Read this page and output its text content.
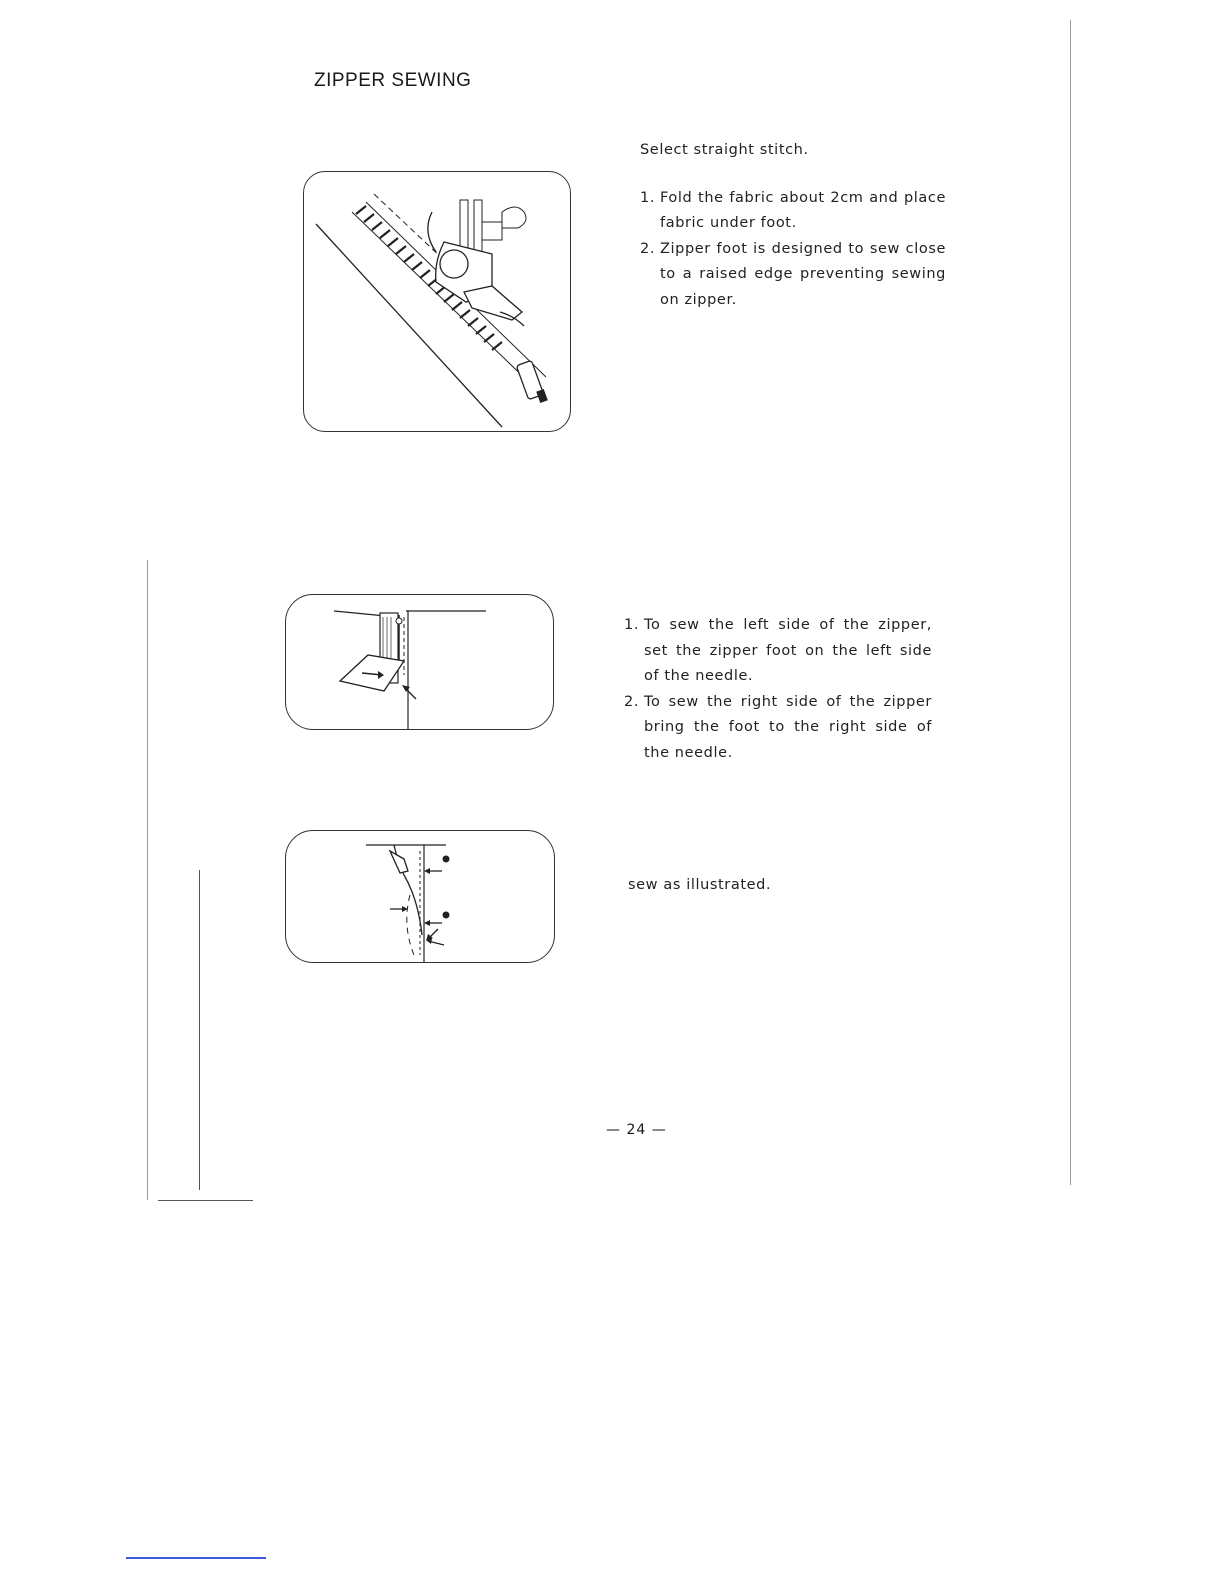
ZIPPER SEWING
Select straight stitch.
1. Fold the fabric about 2cm and place fabric under foot.
2. Zipper foot is designed to sew close to a raised edge preventing sewing on zipper.
1. To sew the left side of the zipper, set the zipper foot on the left side of the needle.
2. To sew the right side of the zipper bring the foot to the right side of the needle.
sew as illustrated.
— 24 —
